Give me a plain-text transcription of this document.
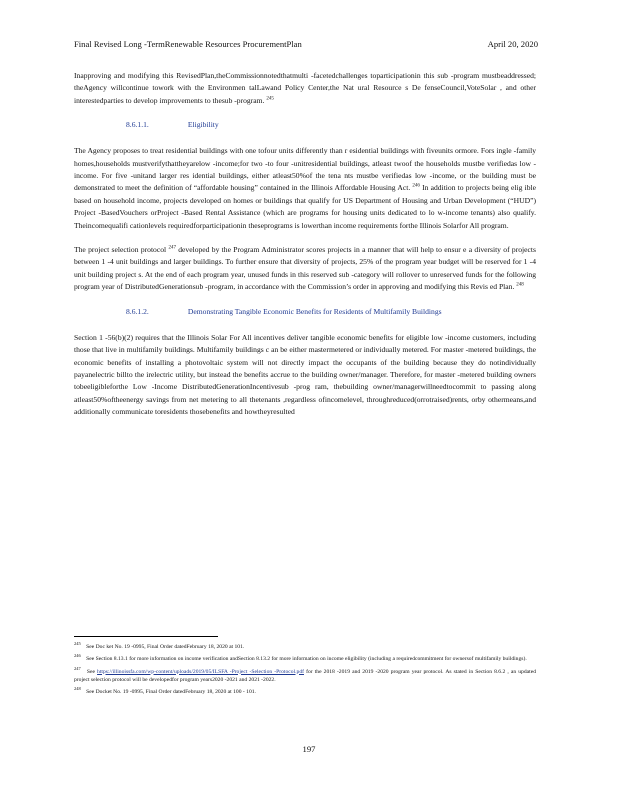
Final Revised Long -TermRenewable Resources ProcurementPlan	April 20, 2020

Inapproving and modifying this RevisedPlan,theCommissionnotedthatmulti -facetedchallenges toparticipationin this sub -program mustbeaddressed; theAgency willcontinue towork with the Environmen talLawand Policy Center,the Nat ural Resource s De fenseCouncil,VoteSolar , and other interestedparties to develop improvements to thesub -program. $^{245}$

8.6.1.1.	Eligibility

The Agency proposes to treat residential buildings with one tofour units differently than r esidential buildings with fiveunits ormore. Fors ingle -family homes,households mustverifythattheyarelow -income;for two -to four -unitresidential buildings, atleast twoof the households mustbe verifiedas low -income. For five -unitand larger res idential buildings, either atleast50%of the tena nts mustbe verifiedas low -income, or the building must be demonstrated to meet the definition of “affordable housing” contained in the Illinois Affordable Housing Act. $^{246}$ In addition to projects being elig ible based on household income, projects developed on homes or buildings that qualify for US Department of Housing and Urban Development (“HUD”) Project -BasedVouchers orProject -Based Rental Assistance (which are programs for housing units dedicated to lo w-income tenants) also qualify. Theincomequalifi cationlevels requiredforparticipationin theseprograms is lowerthan income requirements forthe Illinois Solarfor All program.

The project selection protocol $^{247}$ developed by the Program Administrator scores projects in a manner that will help to ensur e a diversity of projects between 1 -4 unit buildings and larger buildings. To further ensure that diversity of projects, 25% of the program year budget will be reserved for 1 -4 unit building project s. At the end of each program year, unused funds in this reserved sub -category will rollover to unreserved funds for the following program year of DistributedGenerationsub -program, in accordance with the Commission’s order in approving and modifying this Revis ed Plan. $^{248}$

8.6.1.2.	Demonstrating Tangible Economic Benefits for Residents of Multifamily Buildings

Section 1 -56(b)(2) requires that the Illinois Solar For All incentives deliver tangible economic benefits for eligible low -income customers, including those that live in multifamily buildings. Multifamily buildings c an be either mastermetered or individually metered. For master -metered buildings, the economic benefits of installing a photovoltaic system will not directly impact the occupants of the building because they do notindividually payanelectric billto the irelectric utility, but instead the benefits accrue to the building owner/manager. Therefore, for master -metered building owners tobeeligibleforthe Low -Income DistributedGenerationIncentivesub -prog ram, thebuilding owner/managerwillneedtocommit to passing along atleast50%oftheenergy savings from net metering to all thetenants ,regardless ofincomelevel, throughreduced(orrotraised)rents, orby othermeans,and additionally communicate toresidents thosebenefits and howtheyresulted

$^{245}$ See Doc ket No. 19 -0995, Final Order datedFebruary 18, 2020 at 101.

$^{246}$ See Section 8.13.1 for more information on income verification andSection 8.13.2 for more information on income eligibility (including a requiredcommitment for ownersof multifamily buildings).

$^{247}$ See https://illinoissfa.com/wp-content/uploads/2019/05/ILSFA -Project -Selection -Protocol.pdf for the 2018 -2019 and 2019 -2020 program year protocol. As stated in Section 8.6.2 , an updated project selection protocol will be developedfor program years2020 -2021 and 2021 -2022.

$^{248}$ See Docket No. 19 -0995, Final Order datedFebruary 18, 2020 at 100 - 101.

197
